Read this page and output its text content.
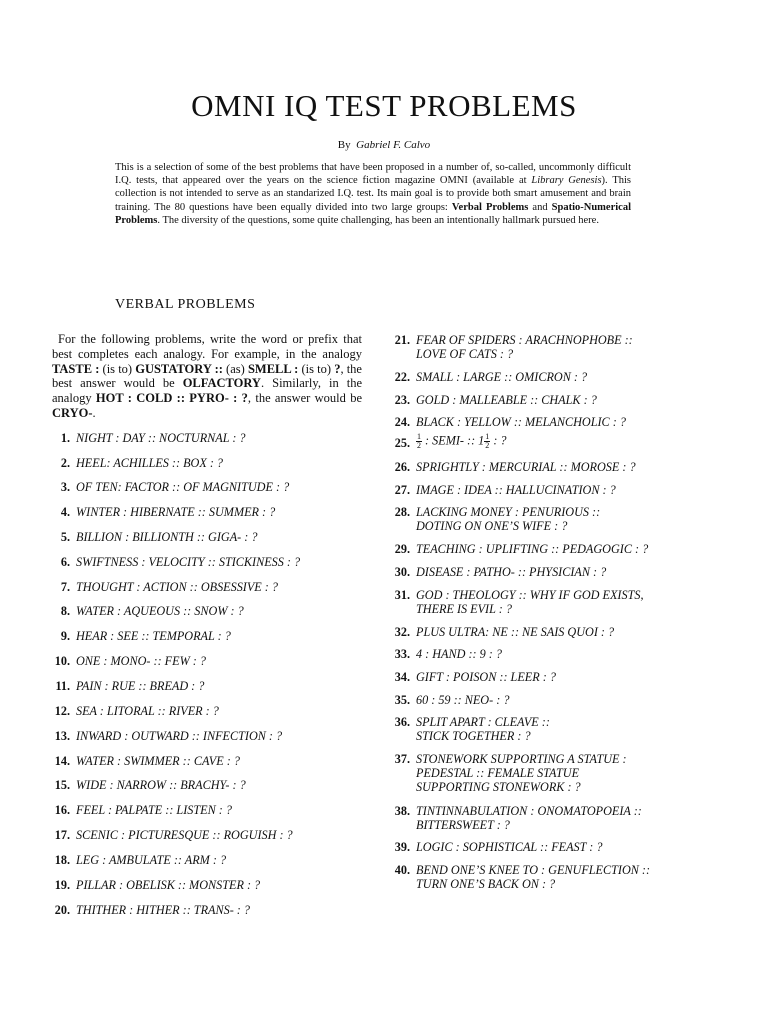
OMNI IQ TEST PROBLEMS
By Gabriel F. Calvo
This is a selection of some of the best problems that have been proposed in a number of, so-called, uncommonly difficult I.Q. tests, that appeared over the years on the science fiction magazine OMNI (available at Library Genesis). This collection is not intended to serve as an standarized I.Q. test. Its main goal is to provide both smart amusement and brain training. The 80 questions have been equally divided into two large groups: Verbal Problems and Spatio-Numerical Problems. The diversity of the questions, some quite challenging, has been an intentionally hallmark pursued here.
VERBAL PROBLEMS
For the following problems, write the word or prefix that best completes each analogy. For example, in the analogy TASTE : (is to) GUSTATORY :: (as) SMELL : (is to) ?, the best answer would be OLFACTORY. Similarly, in the analogy HOT : COLD :: PYRO- : ?, the answer would be CRYO-.
1. NIGHT : DAY :: NOCTURNAL : ?
2. HEEL: ACHILLES :: BOX : ?
3. OF TEN: FACTOR :: OF MAGNITUDE : ?
4. WINTER : HIBERNATE :: SUMMER : ?
5. BILLION : BILLIONTH :: GIGA- : ?
6. SWIFTNESS : VELOCITY :: STICKINESS : ?
7. THOUGHT : ACTION :: OBSESSIVE : ?
8. WATER : AQUEOUS :: SNOW : ?
9. HEAR : SEE :: TEMPORAL : ?
10. ONE : MONO- :: FEW : ?
11. PAIN : RUE :: BREAD : ?
12. SEA : LITORAL :: RIVER : ?
13. INWARD : OUTWARD :: INFECTION : ?
14. WATER : SWIMMER :: CAVE : ?
15. WIDE : NARROW :: BRACHY- : ?
16. FEEL : PALPATE :: LISTEN : ?
17. SCENIC : PICTURESQUE :: ROGUISH : ?
18. LEG : AMBULATE :: ARM : ?
19. PILLAR : OBELISK :: MONSTER : ?
20. THITHER : HITHER :: TRANS- : ?
21. FEAR OF SPIDERS : ARACHNOPHOBE ::
LOVE OF CATS : ?
22. SMALL : LARGE :: OMICRON : ?
23. GOLD : MALLEABLE :: CHALK : ?
24. BLACK : YELLOW :: MELANCHOLIC : ?
25. $\frac{1}{2}$ : SEMI- :: $1 \frac{1}{2}$ : ?
26. SPRIGHTLY : MERCURIAL :: MOROSE : ?
27. IMAGE : IDEA :: HALLUCINATION : ?
28. LACKING MONEY : PENURIOUS ::
DOTING ON ONE’S WIFE : ?
29. TEACHING : UPLIFTING :: PEDAGOGIC : ?
30. DISEASE : PATHO- :: PHYSICIAN : ?
31. GOD : THEOLOGY :: WHY IF GOD EXISTS,
THERE IS EVIL : ?
32. PLUS ULTRA: NE :: NE SAIS QUOI : ?
33. 4 : HAND :: 9 : ?
34. GIFT : POISON :: LEER : ?
35. 60 : 59 :: NEO- : ?
36. SPLIT APART : CLEAVE ::
STICK TOGETHER : ?
37. STONEWORK SUPPORTING A STATUE :
PEDESTAL :: FEMALE STATUE
SUPPORTING STONEWORK : ?
38. TINTINNABULATION : ONOMATOPOEIA ::
BITTERSWEET : ?
39. LOGIC : SOPHISTICAL :: FEAST : ?
40. BEND ONE’S KNEE TO : GENUFLECTION ::
TURN ONE’S BACK ON : ?
